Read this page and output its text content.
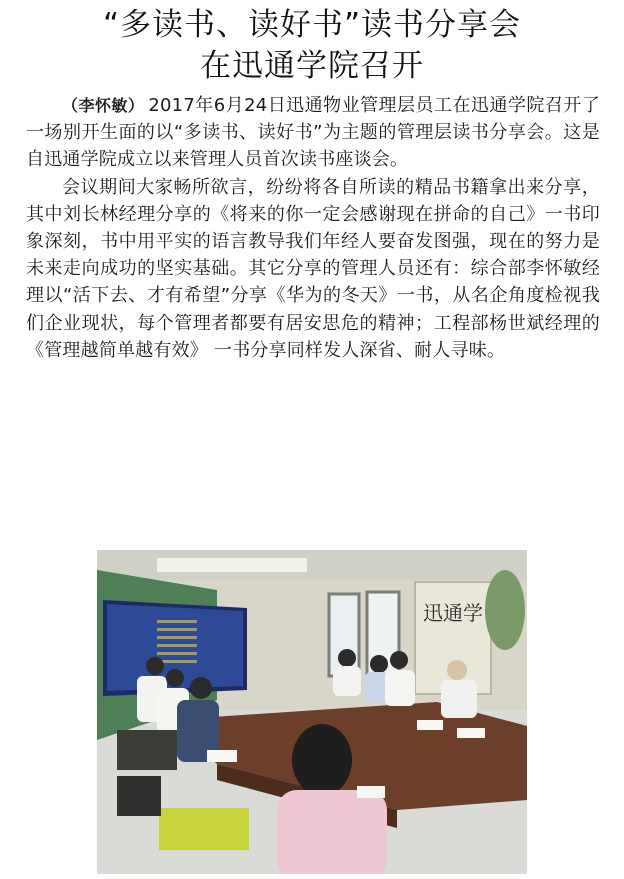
“多读书、读好书”读书分享会
在迅通学院召开

（李怀敏） 2017年6月24日迅通物业管理层员工在迅通学院召开了一场别开生面的以“多读书、读好书”为主题的管理层读书分享会。这是自迅通学院成立以来管理人员首次读书座谈会。

会议期间大家畅所欲言，纷纷将各自所读的精品书籍拿出来分享，其中刘长林经理分享的《将来的你一定会感谢现在拼命的自己》一书印象深刻，书中用平实的语言教导我们年经人要奋发图强，现在的努力是未来走向成功的坚实基础。其它分享的管理人员还有：综合部李怀敏经理以“活下去、才有希望”分享《华为的冬天》一书，从名企角度检视我们企业现状，每个管理者都要有居安思危的精神；工程部杨世斌经理的《管理越简单越有效》 一书分享同样发人深省、耐人寻味。

迅通学
